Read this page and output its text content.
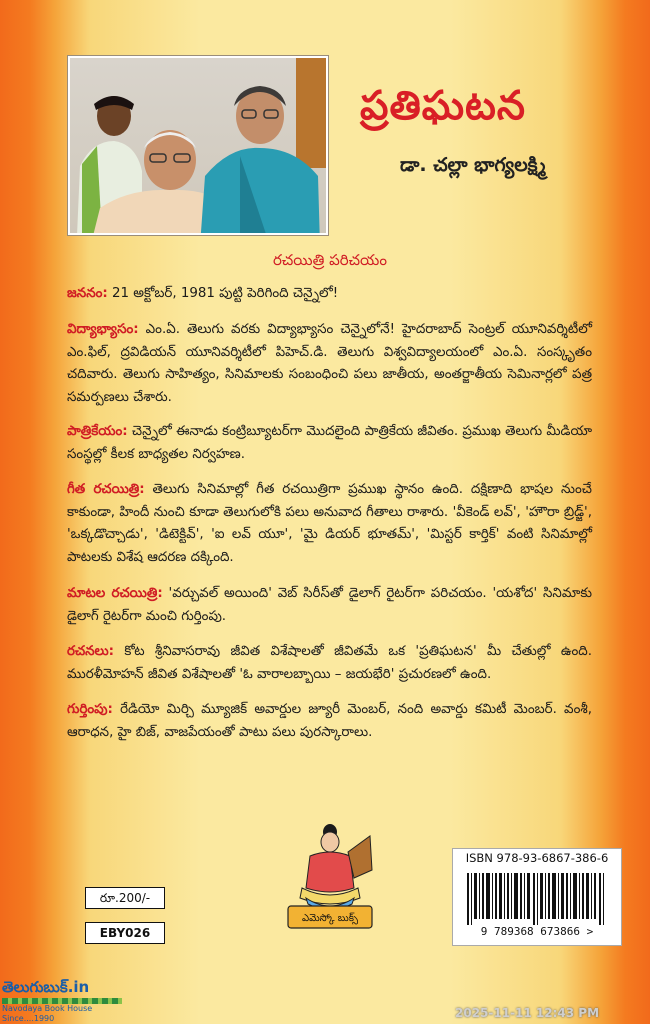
ప్రతిఘటన
డా. చల్లా భాగ్యలక్ష్మి
రచయిత్రి పరిచయం

జననం: 21 అక్టోబర్, 1981 పుట్టి పెరిగింది చెన్నైలో!

విద్యాభ్యాసం: ఎం.ఏ. తెలుగు వరకు విద్యాభ్యాసం చెన్నైలోనే! హైదరాబాద్ సెంట్రల్ యూనివర్శిటీలో ఎం.ఫిల్, ద్రవిడియన్ యూనివర్శిటీలో పిహెచ్.డి. తెలుగు విశ్వవిద్యాలయంలో ఎం.ఏ. సంస్కృతం చదివారు. తెలుగు సాహిత్యం, సినిమాలకు సంబంధించి పలు జాతీయ, అంతర్జాతీయ సెమినార్లలో పత్ర సమర్పణలు చేశారు.

పాత్రికేయం: చెన్నైలో ఈనాడు కంట్రిబ్యూటర్‌గా మొదలైంది పాత్రికేయ జీవితం. ప్రముఖ తెలుగు మీడియా సంస్థల్లో కీలక బాధ్యతల నిర్వహణ.

గీత రచయిత్రి: తెలుగు సినిమాల్లో గీత రచయిత్రిగా ప్రముఖ స్థానం ఉంది. దక్షిణాది భాషల నుంచే కాకుండా, హిందీ నుంచి కూడా తెలుగులోకి పలు అనువాద గీతాలు రాశారు. 'వీకెండ్ లవ్', 'హౌరా బ్రిడ్జ్', 'ఒక్కడొచ్చాడు', 'డిటెక్టివ్', 'ఐ లవ్ యూ', 'మై డియర్ భూతమ్', 'మిస్టర్ కార్తిక్' వంటి సినిమాల్లో పాటలకు విశేష ఆదరణ దక్కింది.

మాటల రచయిత్రి: 'వర్చువల్ అయింది' వెబ్ సిరీస్‌తో డైలాగ్ రైటర్‌గా పరిచయం. 'యశోద' సినిమాకు డైలాగ్ రైటర్‌గా మంచి గుర్తింపు.

రచనలు: కోట శ్రీనివాసరావు జీవిత విశేషాలతో జీవితమే ఒక 'ప్రతిఘటన' మీ చేతుల్లో ఉంది. మురళీమోహన్ జీవిత విశేషాలతో 'ఓ వారాలబ్బాయి – జయభేరి' ప్రచురణలో ఉంది.

గుర్తింపు: రేడియో మిర్చి మ్యూజిక్ అవార్డుల జ్యూరీ మెంబర్, నంది అవార్డు కమిటీ మెంబర్. వంశీ, ఆరాధన, హై బిజ్, వాజపేయంతో పాటు పలు పురస్కారాలు.

ఎమెస్కో బుక్స్
ISBN 978-93-6867-386-6
9 789368 673866 >
రూ.200/-
EBY026
తెలుగుబుక్.in
Navodaya Book House
Since....1990	2025-11-11 12:43 PM
